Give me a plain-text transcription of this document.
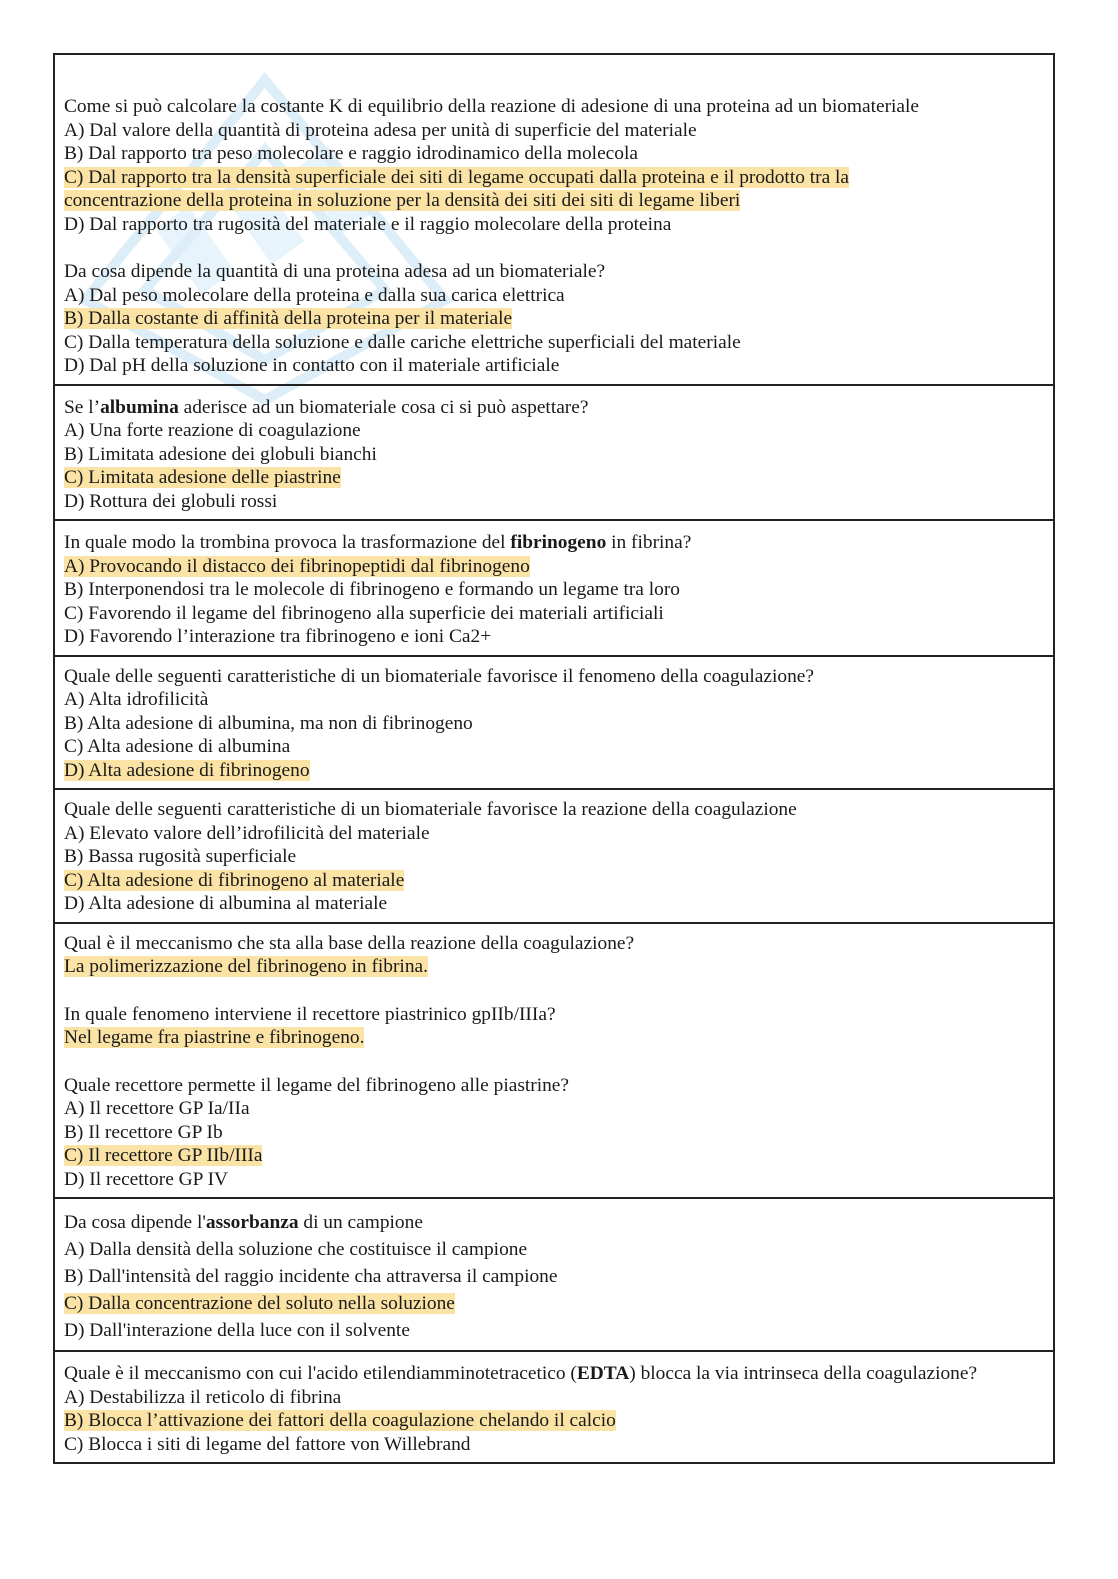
Come si può calcolare la costante K di equilibrio della reazione di adesione di una proteina ad un biomateriale
A) Dal valore della quantità di proteina adesa per unità di superficie del materiale
B) Dal rapporto tra peso molecolare e raggio idrodinamico della molecola
C) Dal rapporto tra la densità superficiale dei siti di legame occupati dalla proteina e il prodotto tra la
concentrazione della proteina in soluzione per la densità dei siti dei siti di legame liberi
D) Dal rapporto tra rugosità del materiale e il raggio molecolare della proteina
Da cosa dipende la quantità di una proteina adesa ad un biomateriale?
A) Dal peso molecolare della proteina e dalla sua carica elettrica
B) Dalla costante di affinità della proteina per il materiale
C) Dalla temperatura della soluzione e dalle cariche elettriche superficiali del materiale
D) Dal pH della soluzione in contatto con il materiale artificiale
Se l’albumina aderisce ad un biomateriale cosa ci si può aspettare?
A) Una forte reazione di coagulazione
B) Limitata adesione dei globuli bianchi
C) Limitata adesione delle piastrine
D) Rottura dei globuli rossi
In quale modo la trombina provoca la trasformazione del fibrinogeno in fibrina?
A) Provocando il distacco dei fibrinopeptidi dal fibrinogeno
B) Interponendosi tra le molecole di fibrinogeno e formando un legame tra loro
C) Favorendo il legame del fibrinogeno alla superficie dei materiali artificiali
D) Favorendo l’interazione tra fibrinogeno e ioni Ca2+
Quale delle seguenti caratteristiche di un biomateriale favorisce il fenomeno della coagulazione?
A) Alta idrofilicità
B) Alta adesione di albumina, ma non di fibrinogeno
C) Alta adesione di albumina
D) Alta adesione di fibrinogeno
Quale delle seguenti caratteristiche di un biomateriale favorisce la reazione della coagulazione
A) Elevato valore dell’idrofilicità del materiale
B) Bassa rugosità superficiale
C) Alta adesione di fibrinogeno al materiale
D) Alta adesione di albumina al materiale
Qual è il meccanismo che sta alla base della reazione della coagulazione?
La polimerizzazione del fibrinogeno in fibrina.
In quale fenomeno interviene il recettore piastrinico gpIIb/IIIa?
Nel legame fra piastrine e fibrinogeno.
Quale recettore permette il legame del fibrinogeno alle piastrine?
A) Il recettore GP Ia/IIa
B) Il recettore GP Ib
C) Il recettore GP IIb/IIIa
D) Il recettore GP IV
Da cosa dipende l'assorbanza di un campione
A) Dalla densità della soluzione che costituisce il campione
B) Dall'intensità del raggio incidente cha attraversa il campione
C) Dalla concentrazione del soluto nella soluzione
D) Dall'interazione della luce con il solvente
Quale è il meccanismo con cui l'acido etilendiamminotetracetico (EDTA) blocca la via intrinseca della coagulazione?
A) Destabilizza il reticolo di fibrina
B) Blocca l’attivazione dei fattori della coagulazione chelando il calcio
C) Blocca i siti di legame del fattore von Willebrand
